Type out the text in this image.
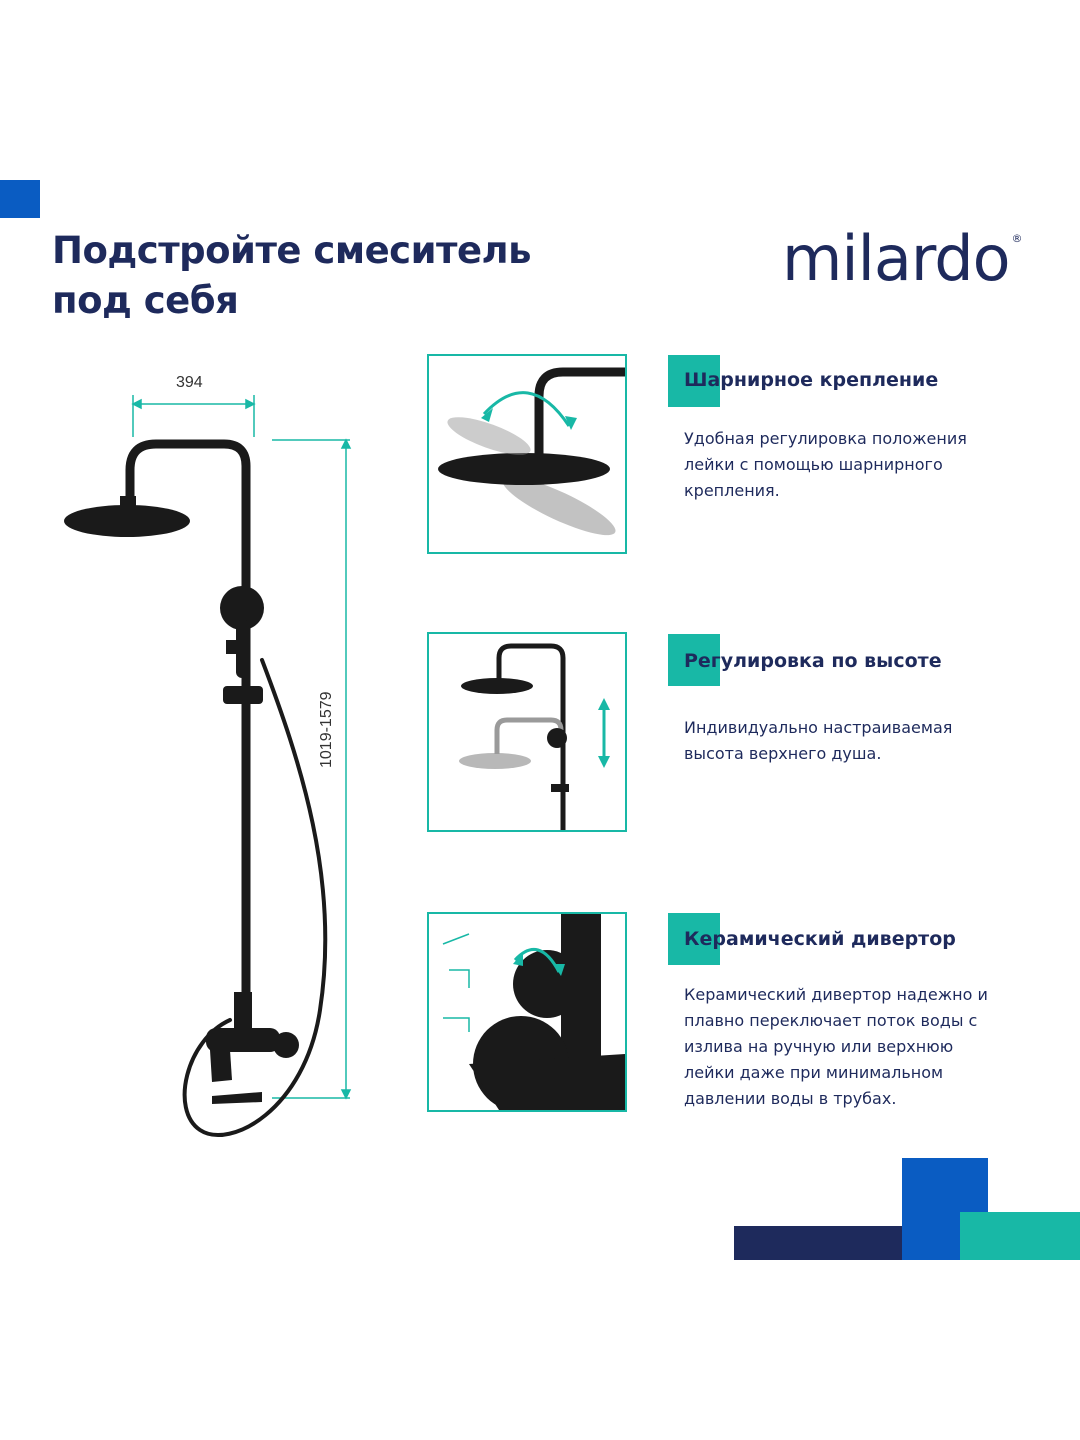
Подстройте смеситель
под себя
milardo ®
394
1019-1579
Шарнирное крепление
Удобная регулировка положения
лейки с помощью шарнирного
крепления.
Регулировка по высоте
Индивидуально настраиваемая
высота верхнего душа.
Керамический дивертор
Керамический дивертор надежно и
плавно переключает поток воды с
излива на ручную или верхнюю
лейки даже при минимальном
давлении воды в трубах.
